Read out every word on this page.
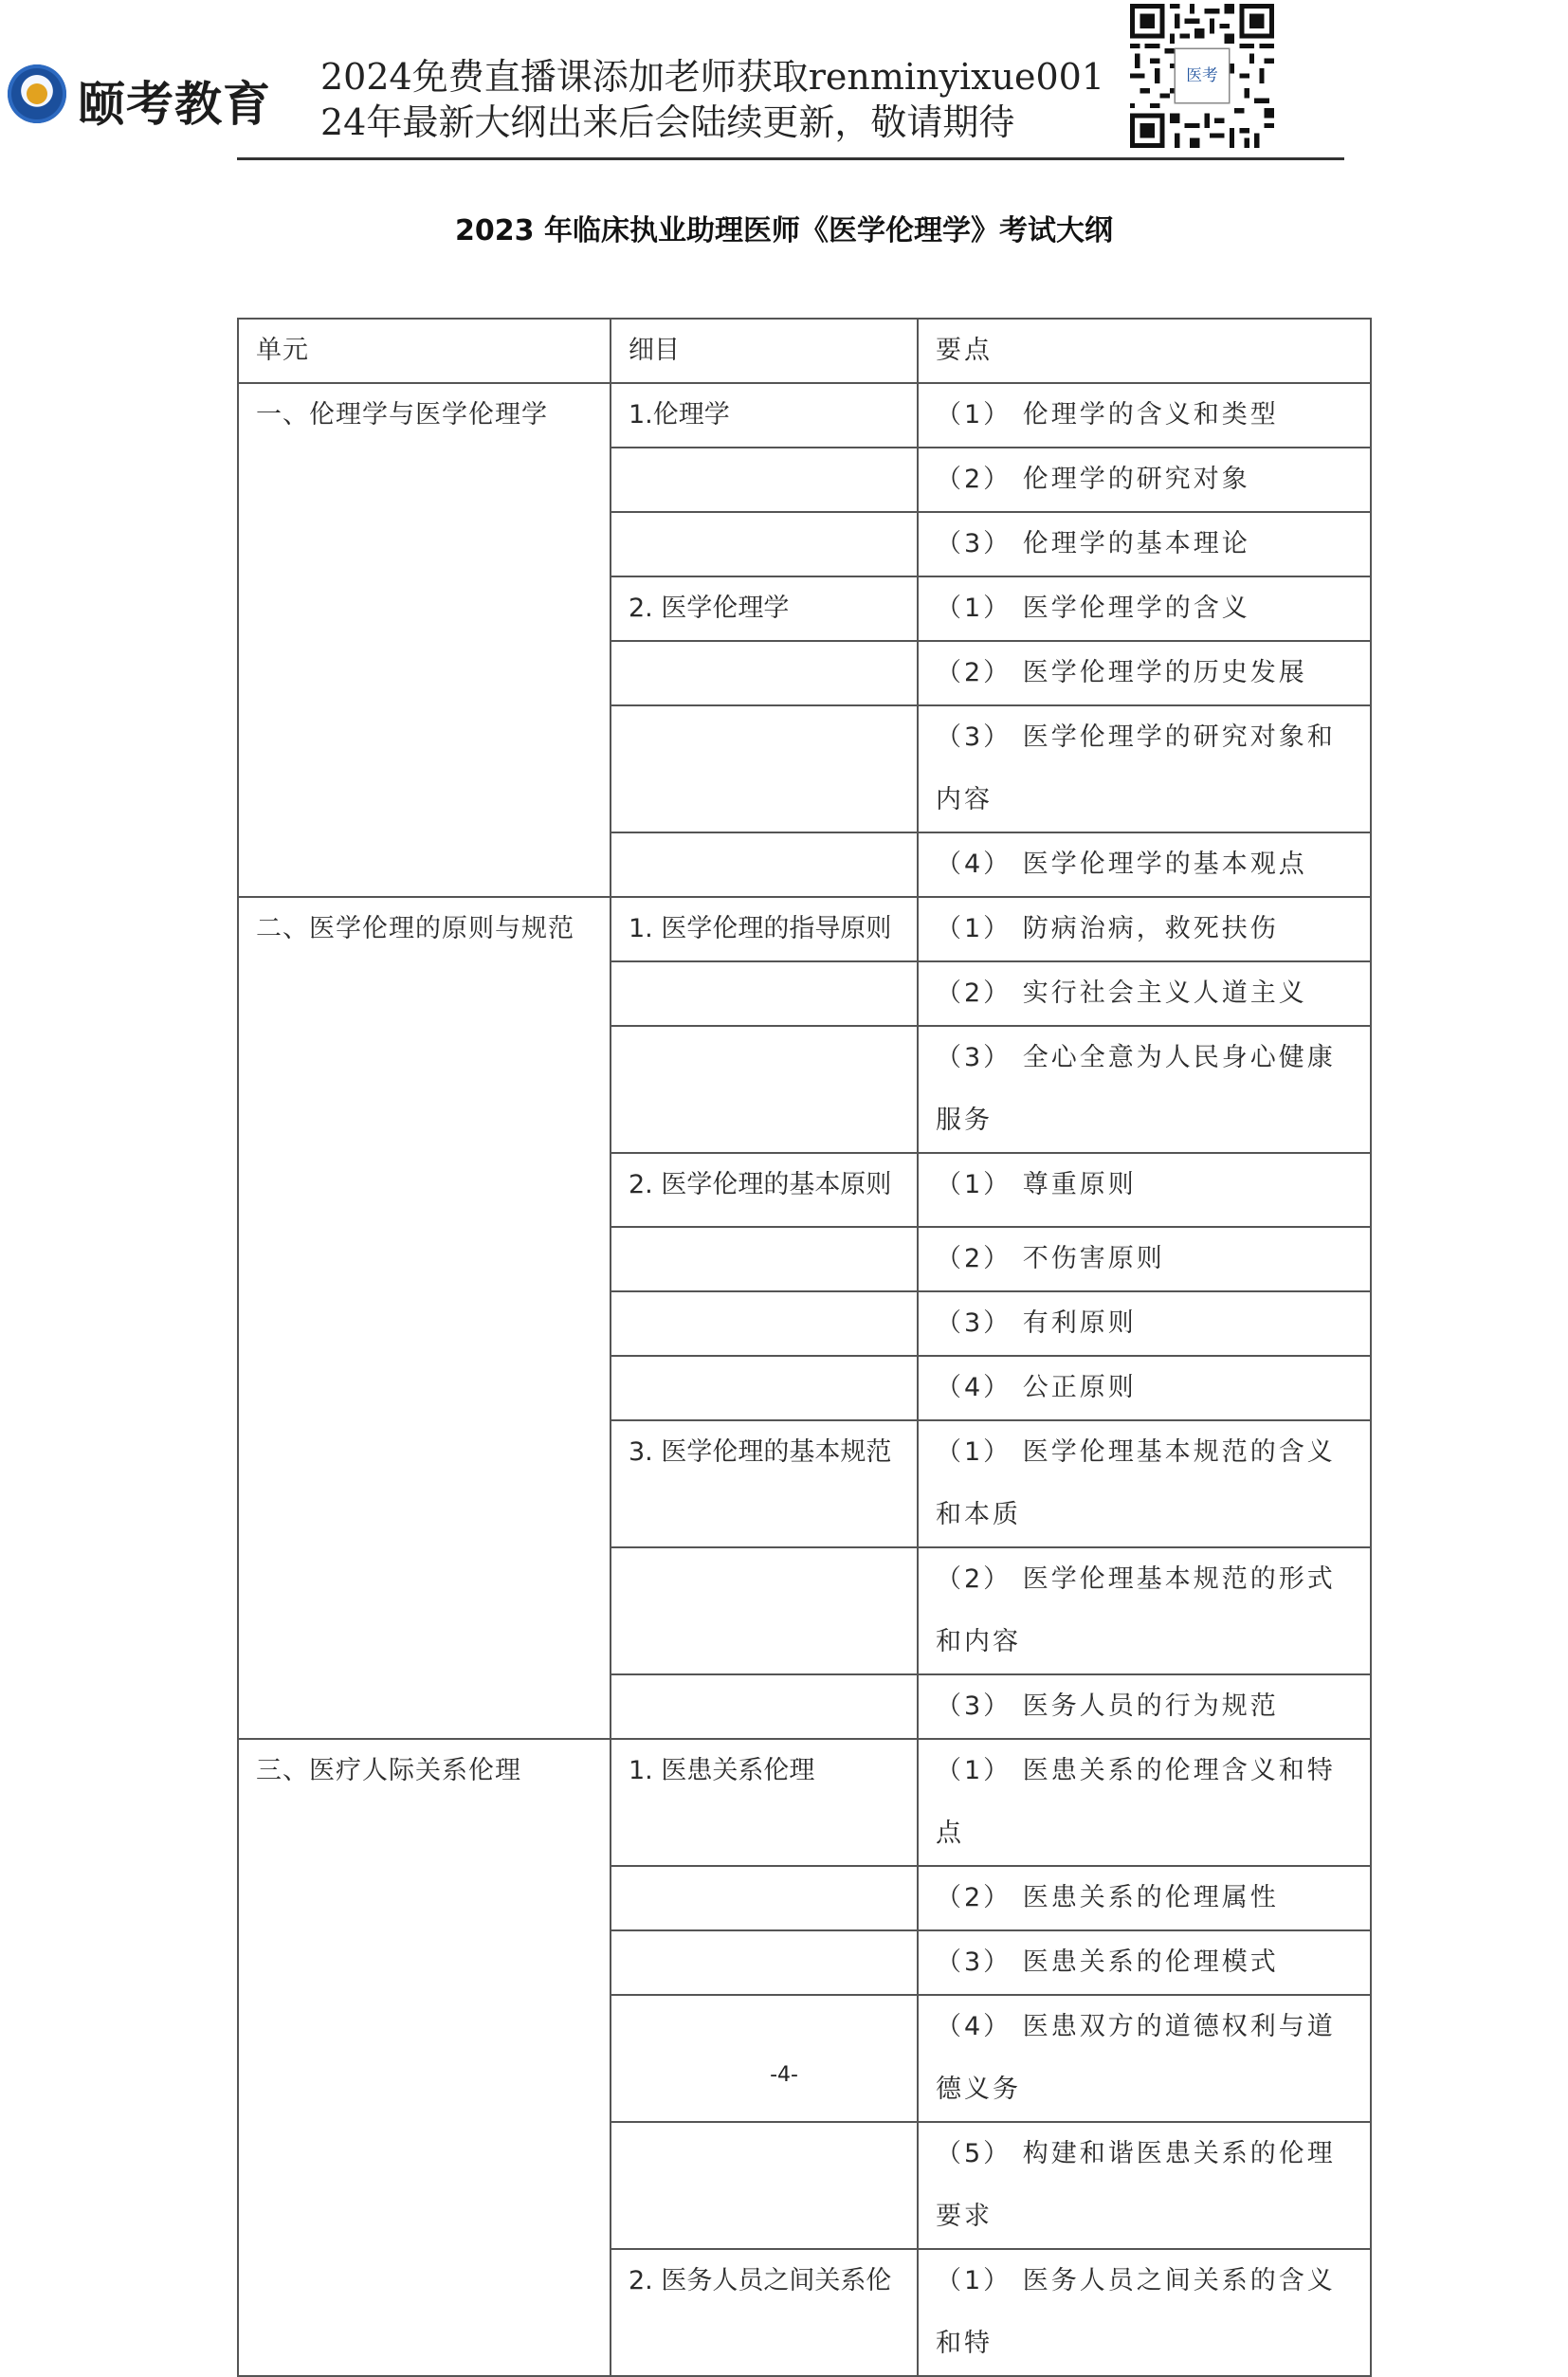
颐考教育 2024免费直播课添加老师获取renminyixue001
24年最新大纲出来后会陆续更新，敬请期待
医考
2023 年临床执业助理医师《医学伦理学》考试大纲
单元	细目	要点
一、伦理学与医学伦理学	1.伦理学	（1） 伦理学的含义和类型
		（2） 伦理学的研究对象
		（3） 伦理学的基本理论
	2. 医学伦理学	（1） 医学伦理学的含义
		（2） 医学伦理学的历史发展
		（3） 医学伦理学的研究对象和内容
		（4） 医学伦理学的基本观点
二、医学伦理的原则与规范	1. 医学伦理的指导原则	（1） 防病治病，救死扶伤
		（2） 实行社会主义人道主义
		（3） 全心全意为人民身心健康服务
	2. 医学伦理的基本原则	（1） 尊重原则
		（2） 不伤害原则
		（3） 有利原则
		（4） 公正原则
	3. 医学伦理的基本规范	（1） 医学伦理基本规范的含义和本质
		（2） 医学伦理基本规范的形式和内容
		（3） 医务人员的行为规范
三、医疗人际关系伦理	1. 医患关系伦理	（1） 医患关系的伦理含义和特点
		（2） 医患关系的伦理属性
		（3） 医患关系的伦理模式
		（4） 医患双方的道德权利与道德义务
		（5） 构建和谐医患关系的伦理要求
	2. 医务人员之间关系伦	（1） 医务人员之间关系的含义和特
-4-
